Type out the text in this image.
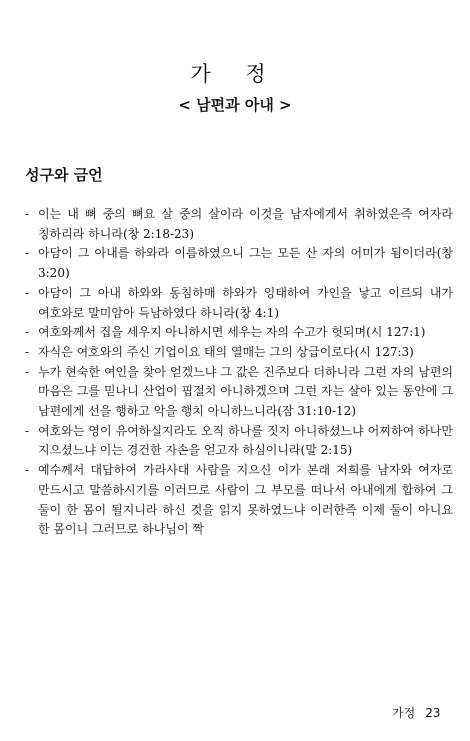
가 정
< 남편과 아내 >
성구와 금언
- 이는 내 뼈 중의 뼈요 살 중의 살이라 이것을 남자에게서 취하였은즉 여자라 칭하리라 하니라(창 2:18-23)
- 아담이 그 아내를 하와라 이름하였으니 그는 모든 산 자의 어미가 됨이더라(창 3:20)
- 아담이 그 아내 하와와 동침하매 하와가 잉태하여 가인을 낳고 이르되 내가 여호와로 말미암아 득남하였다 하니라(창 4:1)
- 여호와께서 집을 세우지 아니하시면 세우는 자의 수고가 헛되며(시 127:1)
- 자식은 여호와의 주신 기업이요 태의 열매는 그의 상급이로다(시 127:3)
- 누가 현숙한 여인을 찾아 얻겠느냐 그 값은 진주보다 더하니라 그런 자의 남편의 마음은 그를 믿나니 산업이 핍절치 아니하겠으며 그런 자는 살아 있는 동안에 그 남편에게 선을 행하고 악을 행치 아니하느니라(잠 31:10-12)
- 여호와는 영이 유여하실지라도 오직 하나를 짓지 아니하셨느냐 어찌하여 하나만 지으셨느냐 이는 경건한 자손을 얻고자 하심이니라(말 2:15)
- 예수께서 대답하여 가라사대 사람을 지으신 이가 본래 저희를 남자와 여자로 만드시고 말씀하시기를 이러므로 사람이 그 부모를 떠나서 아내에게 합하여 그 둘이 한 몸이 될지니라 하신 것을 읽지 못하였느냐 이러한즉 이제 둘이 아니요 한 몸이니 그러므로 하나님이 짝
가정 23
